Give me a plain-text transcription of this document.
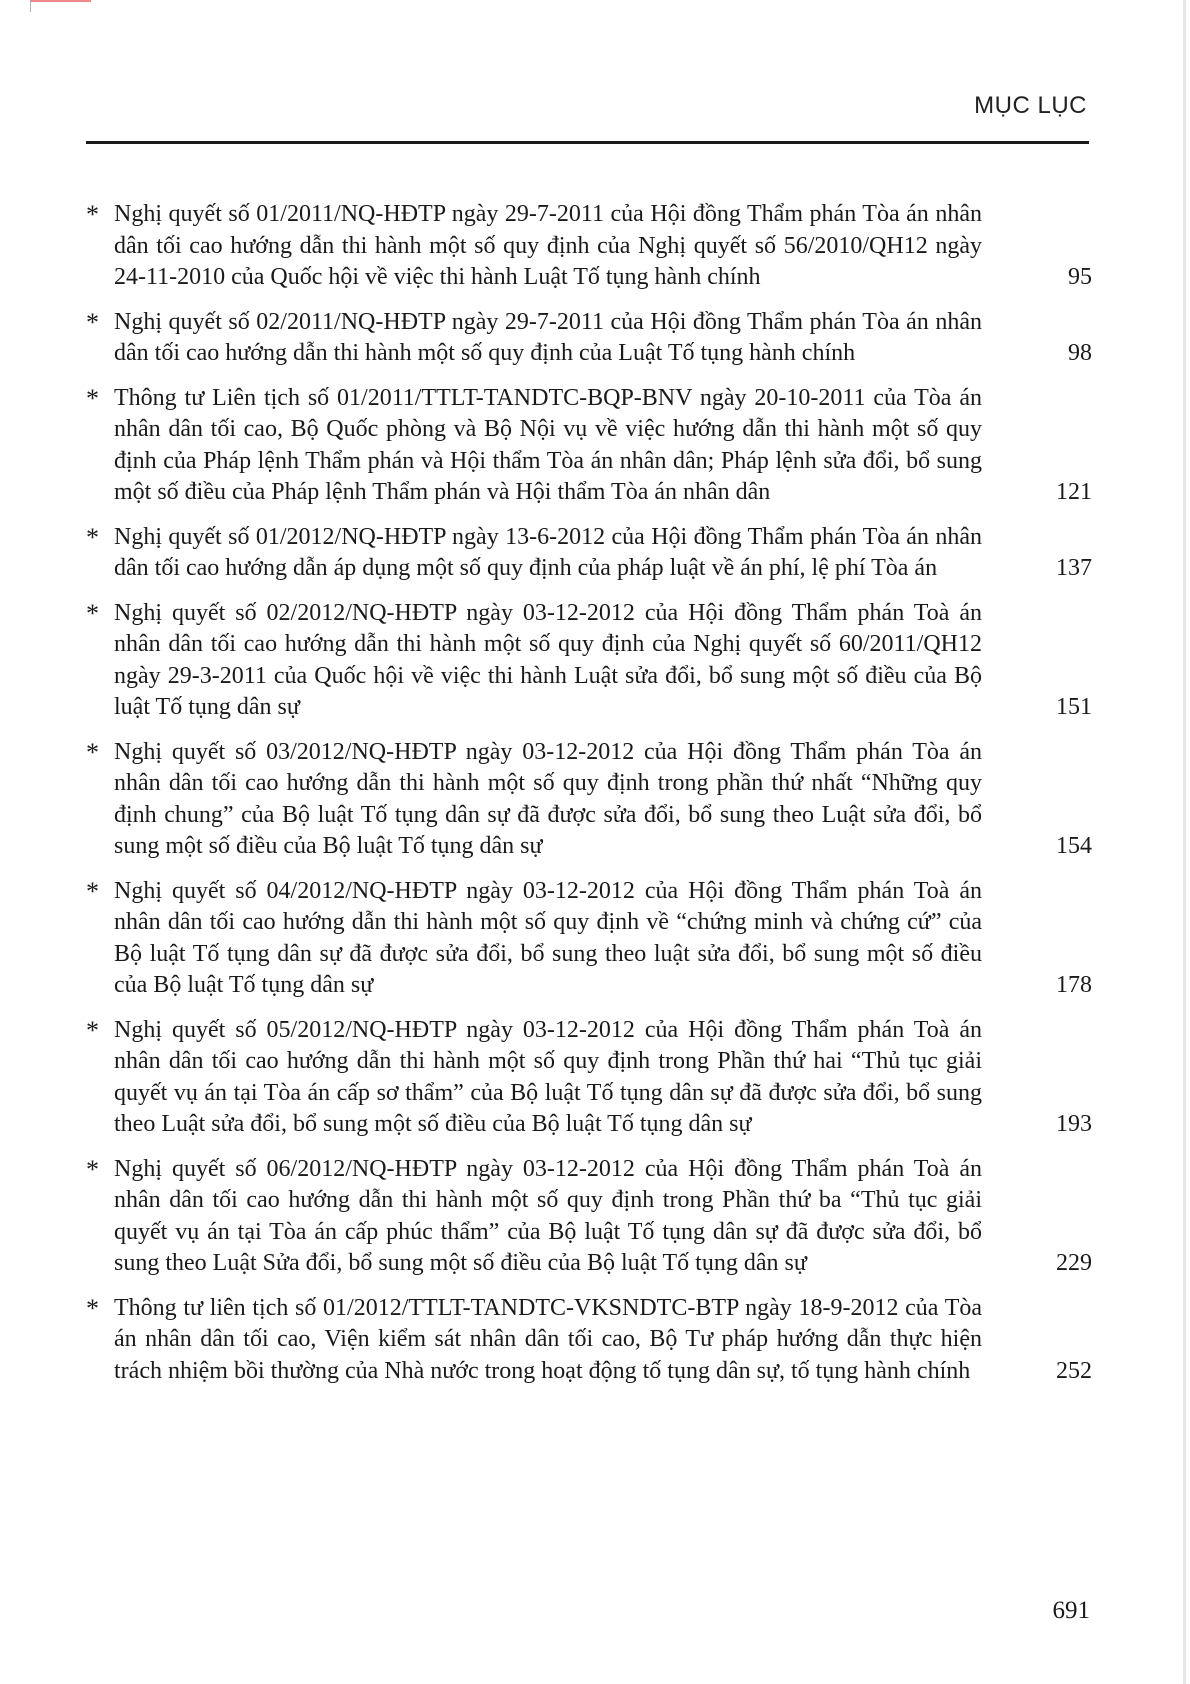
MỤC LỤC
* Nghị quyết số 01/2011/NQ-HĐTP ngày 29-7-2011 của Hội đồng Thẩm phán Tòa án nhân dân tối cao hướng dẫn thi hành một số quy định của Nghị quyết số 56/2010/QH12 ngày 24-11-2010 của Quốc hội về việc thi hành Luật Tố tụng hành chính	95
* Nghị quyết số 02/2011/NQ-HĐTP ngày 29-7-2011 của Hội đồng Thẩm phán Tòa án nhân dân tối cao hướng dẫn thi hành một số quy định của Luật Tố tụng hành chính	98
* Thông tư Liên tịch số 01/2011/TTLT-TANDTC-BQP-BNV ngày 20-10-2011 của Tòa án nhân dân tối cao, Bộ Quốc phòng và Bộ Nội vụ về việc hướng dẫn thi hành một số quy định của Pháp lệnh Thẩm phán và Hội thẩm Tòa án nhân dân; Pháp lệnh sửa đổi, bổ sung một số điều của Pháp lệnh Thẩm phán và Hội thẩm Tòa án nhân dân	121
* Nghị quyết số 01/2012/NQ-HĐTP ngày 13-6-2012 của Hội đồng Thẩm phán Tòa án nhân dân tối cao hướng dẫn áp dụng một số quy định của pháp luật về án phí, lệ phí Tòa án	137
* Nghị quyết số 02/2012/NQ-HĐTP ngày 03-12-2012 của Hội đồng Thẩm phán Toà án nhân dân tối cao hướng dẫn thi hành một số quy định của Nghị quyết số 60/2011/QH12 ngày 29-3-2011 của Quốc hội về việc thi hành Luật sửa đổi, bổ sung một số điều của Bộ luật Tố tụng dân sự	151
* Nghị quyết số 03/2012/NQ-HĐTP ngày 03-12-2012 của Hội đồng Thẩm phán Tòa án nhân dân tối cao hướng dẫn thi hành một số quy định trong phần thứ nhất “Những quy định chung” của Bộ luật Tố tụng dân sự đã được sửa đổi, bổ sung theo Luật sửa đổi, bổ sung một số điều của Bộ luật Tố tụng dân sự	154
* Nghị quyết số 04/2012/NQ-HĐTP ngày 03-12-2012 của Hội đồng Thẩm phán Toà án nhân dân tối cao hướng dẫn thi hành một số quy định về “chứng minh và chứng cứ” của Bộ luật Tố tụng dân sự đã được sửa đổi, bổ sung theo luật sửa đổi, bổ sung một số điều của Bộ luật Tố tụng dân sự	178
* Nghị quyết số 05/2012/NQ-HĐTP ngày 03-12-2012 của Hội đồng Thẩm phán Toà án nhân dân tối cao hướng dẫn thi hành một số quy định trong Phần thứ hai “Thủ tục giải quyết vụ án tại Tòa án cấp sơ thẩm” của Bộ luật Tố tụng dân sự đã được sửa đổi, bổ sung theo Luật sửa đổi, bổ sung một số điều của Bộ luật Tố tụng dân sự	193
* Nghị quyết số 06/2012/NQ-HĐTP ngày 03-12-2012 của Hội đồng Thẩm phán Toà án nhân dân tối cao hướng dẫn thi hành một số quy định trong Phần thứ ba “Thủ tục giải quyết vụ án tại Tòa án cấp phúc thẩm” của Bộ luật Tố tụng dân sự đã được sửa đổi, bổ sung theo Luật Sửa đổi, bổ sung một số điều của Bộ luật Tố tụng dân sự	229
* Thông tư liên tịch số 01/2012/TTLT-TANDTC-VKSNDTC-BTP ngày 18-9-2012 của Tòa án nhân dân tối cao, Viện kiểm sát nhân dân tối cao, Bộ Tư pháp hướng dẫn thực hiện trách nhiệm bồi thường của Nhà nước trong hoạt động tố tụng dân sự, tố tụng hành chính	252
691
